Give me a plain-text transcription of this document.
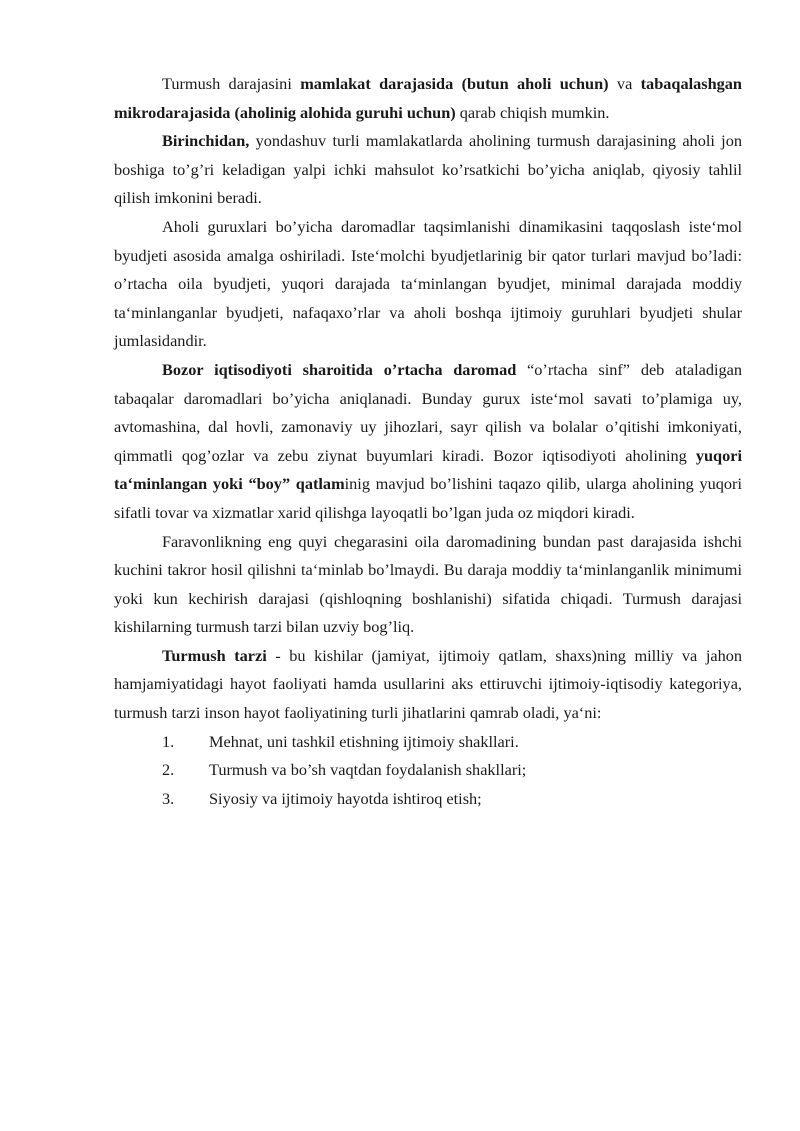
Turmush darajasini mamlakat darajasida (butun aholi uchun) va tabaqalashgan mikrodarajasida (aholinig alohida guruhi uchun) qarab chiqish mumkin.

Birinchidan, yondashuv turli mamlakatlarda aholining turmush darajasining aholi jon boshiga to’g’ri keladigan yalpi ichki mahsulot ko’rsatkichi bo’yicha aniqlab, qiyosiy tahlil qilish imkonini beradi.

Aholi guruxlari bo’yicha daromadlar taqsimlanishi dinamikasini taqqoslash iste‘mol byudjeti asosida amalga oshiriladi. Iste‘molchi byudjetlarinig bir qator turlari mavjud bo’ladi: o’rtacha oila byudjeti, yuqori darajada ta‘minlangan byudjet, minimal darajada moddiy ta‘minlanganlar byudjeti, nafaqaxo’rlar va aholi boshqa ijtimoiy guruhlari byudjeti shular jumlasidandir.

Bozor iqtisodiyoti sharoitida o’rtacha daromad “o’rtacha sinf” deb ataladigan tabaqalar daromadlari bo’yicha aniqlanadi. Bunday gurux iste‘mol savati to’plamiga uy, avtomashina, dal hovli, zamonaviy uy jihozlari, sayr qilish va bolalar o’qitishi imkoniyati, qimmatli qog’ozlar va zebu ziynat buyumlari kiradi. Bozor iqtisodiyoti aholining yuqori ta‘minlangan yoki “boy” qatlaminig mavjud bo’lishini taqazo qilib, ularga aholining yuqori sifatli tovar va xizmatlar xarid qilishga layoqatli bo’lgan juda oz miqdori kiradi.

Faravonlikning eng quyi chegarasini oila daromadining bundan past darajasida ishchi kuchini takror hosil qilishni ta‘minlab bo’lmaydi. Bu daraja moddiy ta‘minlanganlik minimumi yoki kun kechirish darajasi (qishloqning boshlanishi) sifatida chiqadi. Turmush darajasi kishilarning turmush tarzi bilan uzviy bog’liq.

Turmush tarzi - bu kishilar (jamiyat, ijtimoiy qatlam, shaxs)ning milliy va jahon hamjamiyatidagi hayot faoliyati hamda usullarini aks ettiruvchi ijtimoiy-iqtisodiy kategoriya, turmush tarzi inson hayot faoliyatining turli jihatlarini qamrab oladi, ya‘ni:

1.	Mehnat, uni tashkil etishning ijtimoiy shakllari.
2.	Turmush va bo’sh vaqtdan foydalanish shakllari;
3.	Siyosiy va ijtimoiy hayotda ishtiroq etish;
